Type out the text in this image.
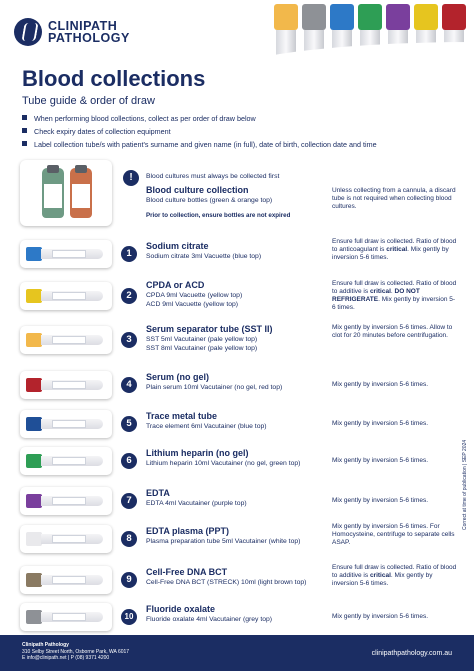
CLINIPATH
PATHOLOGY
Blood collections
Tube guide & order of draw
When performing blood collections, collect as per order of draw below
Check expiry dates of collection equipment
Label collection tube/s with patient's surname and given name (in full), date of birth, collection date and time
!	Blood cultures must always be collected first
Blood culture collection
Blood culture bottles (green & orange top)
Prior to collection, ensure bottles are not expired
Unless collecting from a cannula, a discard tube is not required when collecting blood cultures.
1
Sodium citrate
Sodium citrate 3ml Vacuette (blue top)
Ensure full draw is collected. Ratio of blood to anticoagulant is critical. Mix gently by inversion 5-6 times.
2
CPDA or ACD
CPDA 9ml Vacuette (yellow top)
ACD 9ml Vacuette (yellow top)
Ensure full draw is collected. Ratio of blood to additive is critical. DO NOT REFRIGERATE. Mix gently by inversion 5-6 times.
3
Serum separator tube (SST II)
SST 5ml Vacutainer (pale yellow top)
SST 8ml Vacutainer (pale yellow top)
Mix gently by inversion 5-6 times. Allow to clot for 20 minutes before centrifugation.
4
Serum (no gel)
Plain serum 10ml Vacutainer (no gel, red top)	Mix gently by inversion 5-6 times.
5
Trace metal tube
Trace element 6ml Vacutainer (blue top)	Mix gently by inversion 5-6 times.
6
Lithium heparin (no gel)
Lithium heparin 10ml Vacutainer (no gel, green top)	Mix gently by inversion 5-6 times.
7
EDTA
EDTA 4ml Vacutainer (purple top)	Mix gently by inversion 5-6 times.
8
EDTA plasma (PPT)
Plasma preparation tube 5ml Vacutainer (white top)
Mix gently by inversion 5-6 times. For Homocysteine, centrifuge to separate cells ASAP.
9
Cell-Free DNA BCT
Cell-Free DNA BCT (STRECK) 10ml (light brown top)
Ensure full draw is collected. Ratio of blood to additive is critical. Mix gently by inversion 5-6 times.
10
Fluoride oxalate
Fluoride oxalate 4ml Vacutainer (grey top)	Mix gently by inversion 5-6 times.
Correct at time of publication | SEP 2024
Clinipath Pathology
310 Selby Street North, Osborne Park, WA 6017
E info@clinipath.net | P (08) 9371 4200
clinipathpathology.com.au
